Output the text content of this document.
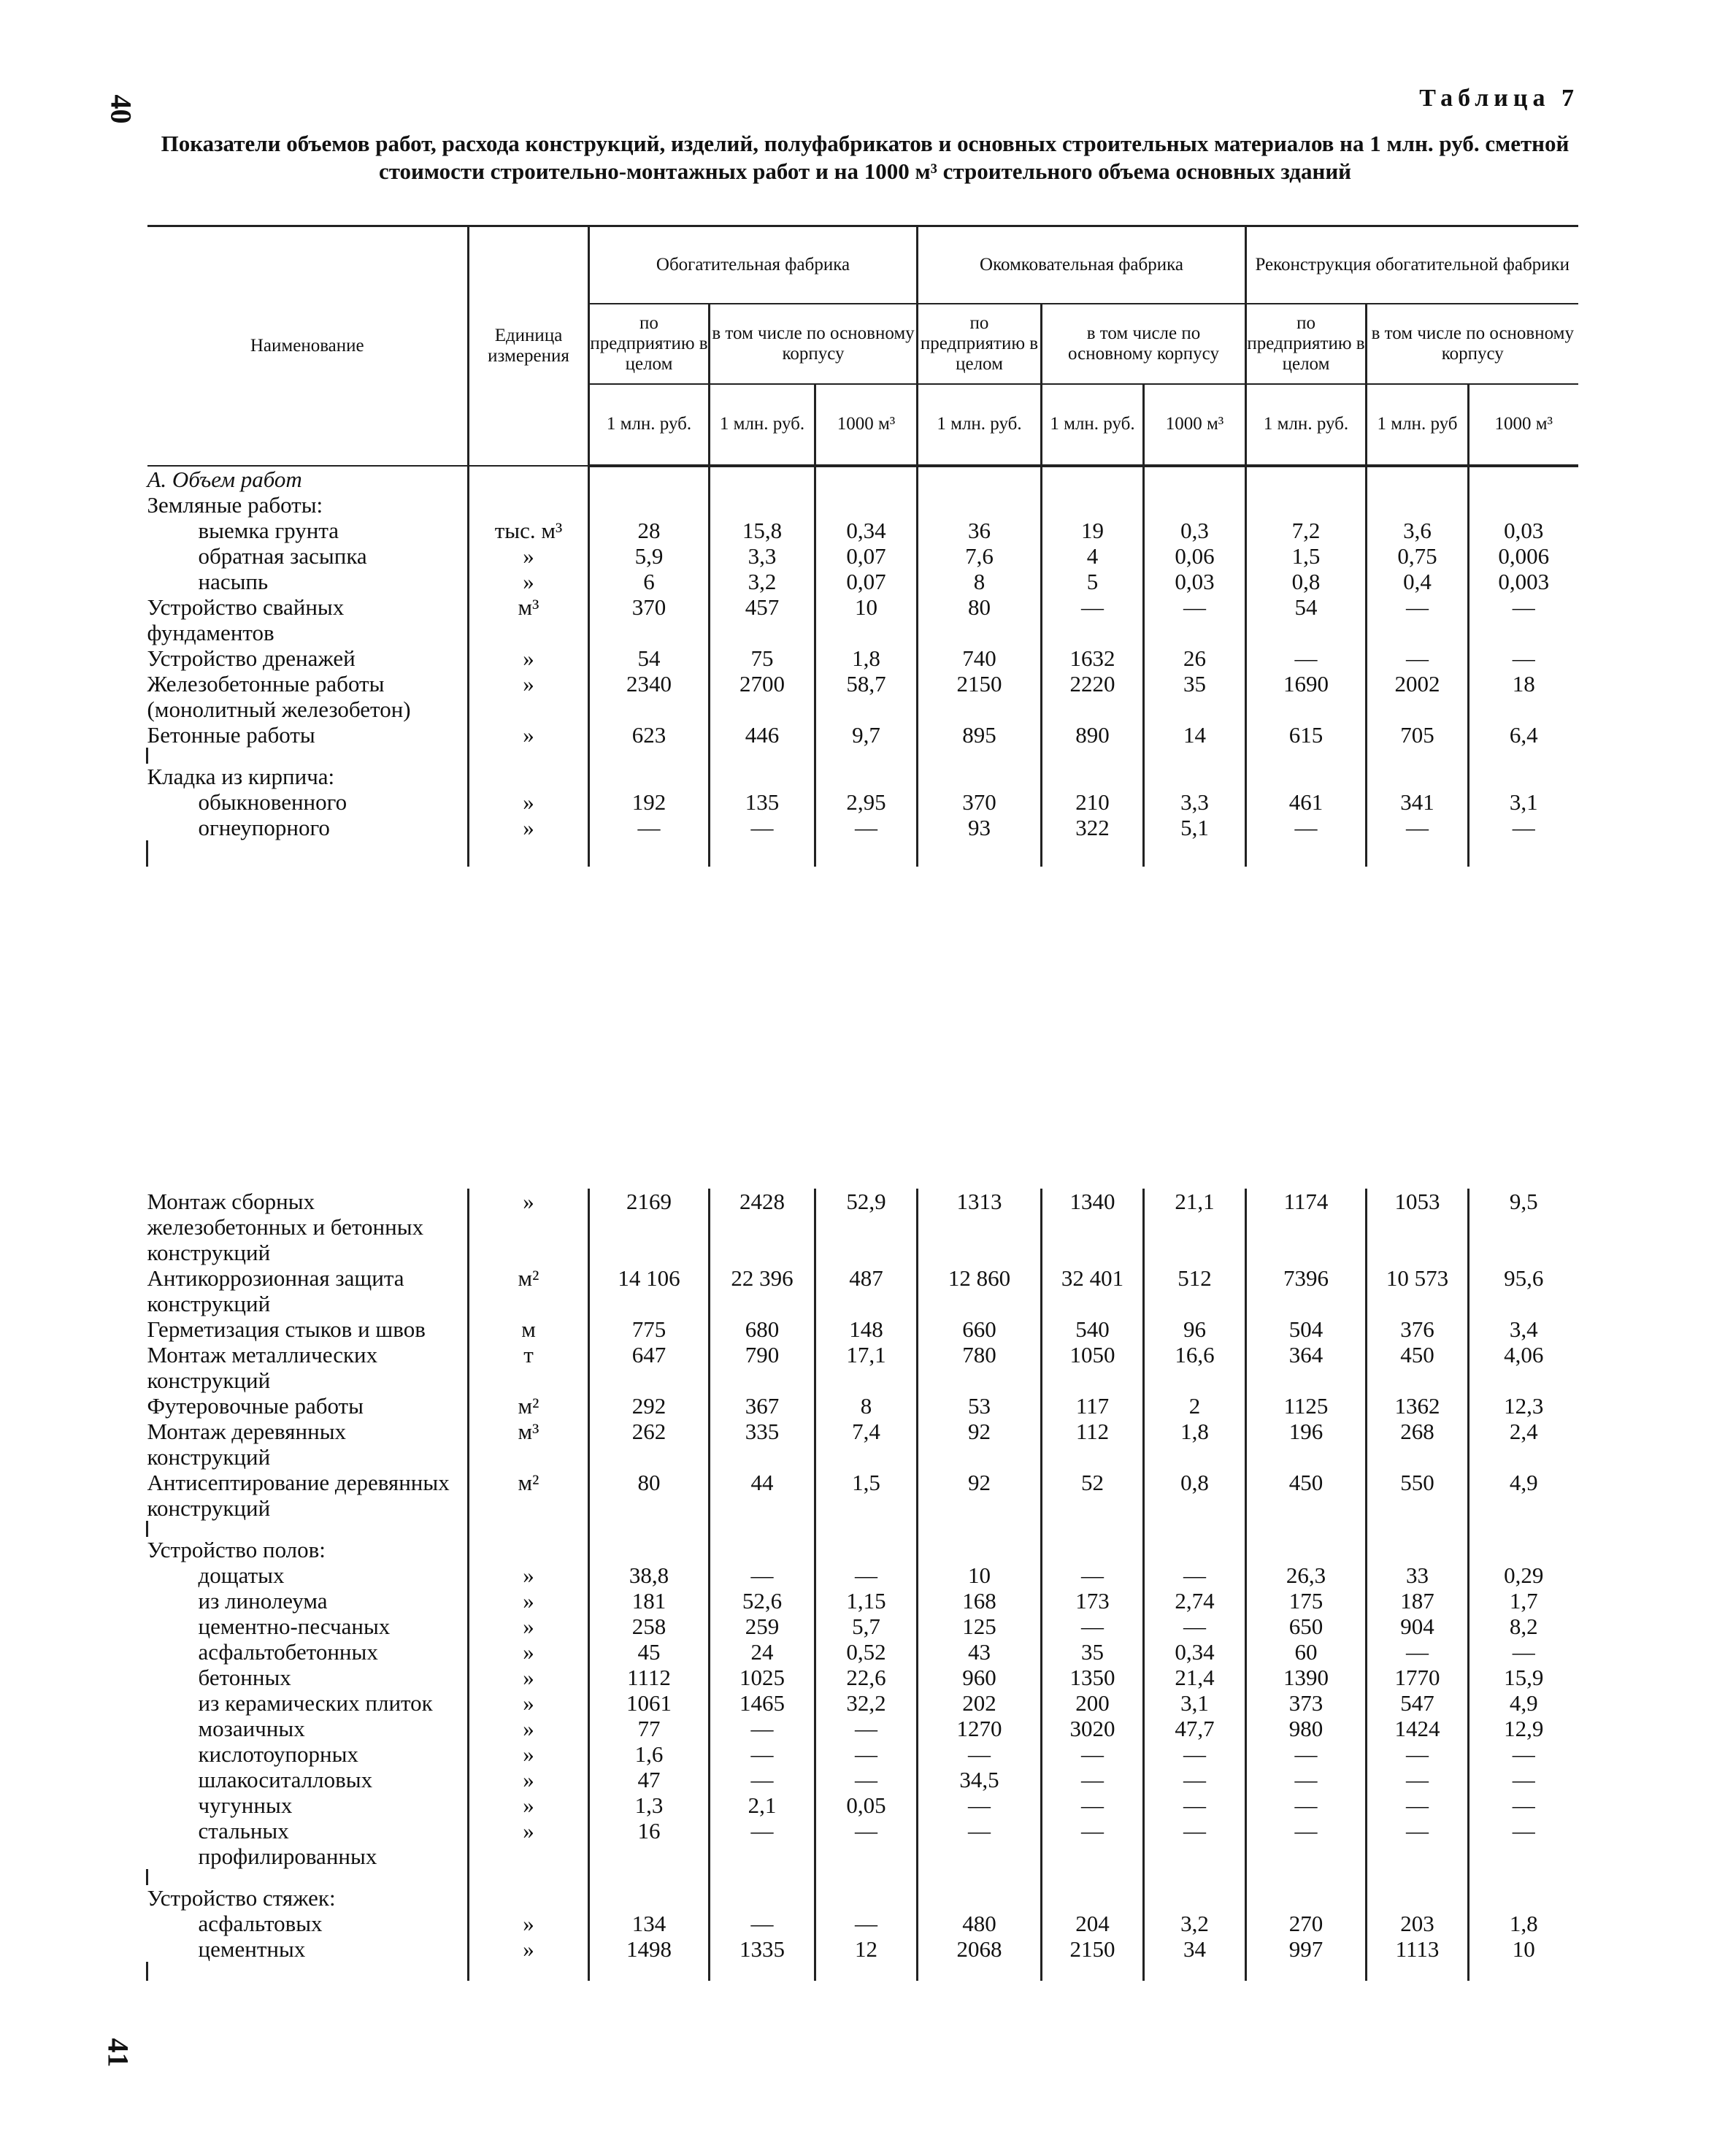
40
41
Таблица 7
Показатели объемов работ, расхода конструкций, изделий, полуфабрикатов и основных строительных материалов на 1 млн. руб. сметной стоимости строительно-монтажных работ и на 1000 м³ строительного объема основных зданий
Наименование	Единица измерения	Обогатительная фабрика			Окомковательная фабрика			Реконструкция обогатительной фабрики		
		по предприятию в целом	в том числе по основному корпусу		по предприятию в целом	в том числе по основному корпусу		по предприятию в целом	в том числе по основному корпусу	
		1 млн. руб.	1 млн. руб.	1000 м³	1 млн. руб.	1 млн. руб.	1000 м³	1 млн. руб.	1 млн. руб	1000 м³
А. Объем работ										
Земляные работы:										
выемка грунта	тыс. м³	28	15,8	0,34	36	19	0,3	7,2	3,6	0,03
обратная засыпка	»	5,9	3,3	0,07	7,6	4	0,06	1,5	0,75	0,006
насыпь	»	6	3,2	0,07	8	5	0,03	0,8	0,4	0,003
Устройство свайных фундаментов	м³	370	457	10	80	—	—	54	—	—
Устройство дренажей	»	54	75	1,8	740	1632	26	—	—	—
Железобетонные работы (монолитный железобетон)	»	2340	2700	58,7	2150	2220	35	1690	2002	18
Бетонные работы	»	623	446	9,7	895	890	14	615	705	6,4

Кладка из кирпича:										
обыкновенного	»	192	135	2,95	370	210	3,3	461	341	3,1
огнеупорного	»	—	—	—	93	322	5,1	—	—	—

Монтаж сборных железобетонных и бетонных конструкций	»	2169	2428	52,9	1313	1340	21,1	1174	1053	9,5
Антикоррозионная защита конструкций	м²	14 106	22 396	487	12 860	32 401	512	7396	10 573	95,6
Герметизация стыков и швов	м	775	680	148	660	540	96	504	376	3,4
Монтаж металлических конструкций	т	647	790	17,1	780	1050	16,6	364	450	4,06
Футеровочные работы	м²	292	367	8	53	117	2	1125	1362	12,3
Монтаж деревянных конструкций	м³	262	335	7,4	92	112	1,8	196	268	2,4
Антисептирование деревянных конструкций	м²	80	44	1,5	92	52	0,8	450	550	4,9

Устройство полов:										
дощатых	»	38,8	—	—	10	—	—	26,3	33	0,29
из линолеума	»	181	52,6	1,15	168	173	2,74	175	187	1,7
цементно-песчаных	»	258	259	5,7	125	—	—	650	904	8,2
асфальтобетонных	»	45	24	0,52	43	35	0,34	60	—	—
бетонных	»	1112	1025	22,6	960	1350	21,4	1390	1770	15,9
из керамических плиток	»	1061	1465	32,2	202	200	3,1	373	547	4,9
мозаичных	»	77	—	—	1270	3020	47,7	980	1424	12,9
кислотоупорных	»	1,6	—	—	—	—	—	—	—	—
шлакоситалловых	»	47	—	—	34,5	—	—	—	—	—
чугунных	»	1,3	2,1	0,05	—	—	—	—	—	—
стальных профилированных	»	16	—	—	—	—	—	—	—	—

Устройство стяжек:										
асфальтовых	»	134	—	—	480	204	3,2	270	203	1,8
цементных	»	1498	1335	12	2068	2150	34	997	1113	10
